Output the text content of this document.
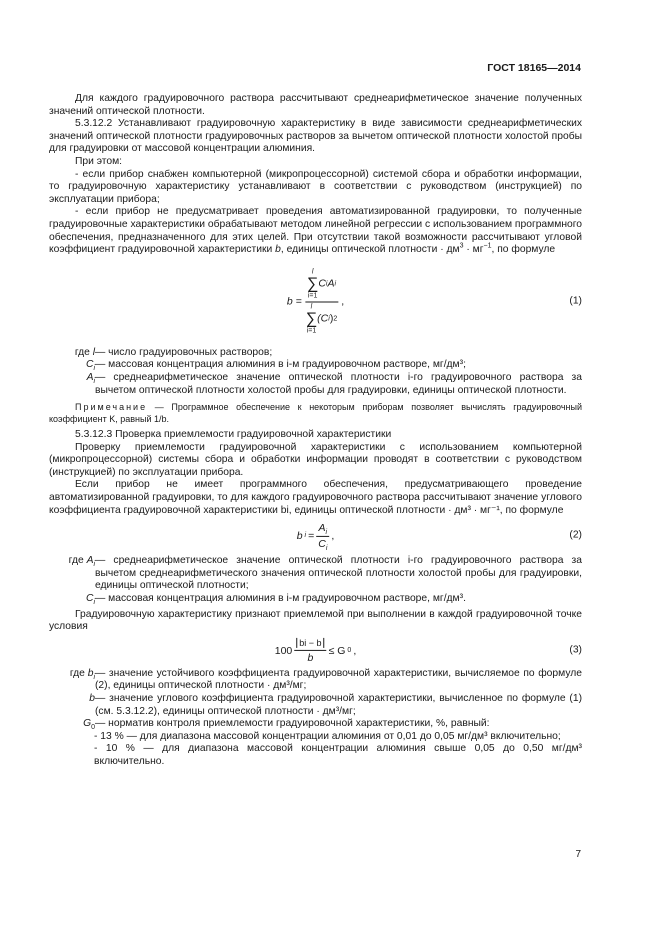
ГОСТ 18165—2014

Для каждого градуировочного раствора рассчитывают среднеарифметическое значение полученных значений оптической плотности.

5.3.12.2 Устанавливают градуировочную характеристику в виде зависимости среднеарифметических значений оптической плотности градуировочных растворов за вычетом оптической плотности холостой пробы для градуировки от массовой концентрации алюминия.

При этом:

- если прибор снабжен компьютерной (микропроцессорной) системой сбора и обработки информации, то градуировочную характеристику устанавливают в соответствии с руководством (инструкцией) по эксплуатации прибора;

- если прибор не предусматривает проведения автоматизированной градуировки, то полученные градуировочные характеристики обрабатывают методом линейной регрессии с использованием программного обеспечения, предназначенного для этих целей. При отсутствии такой возможности рассчитывают угловой коэффициент градуировочной характеристики b, единицы оптической плотности · $дм^3 \cdot мг^{-1}$, по формуле

b = l
∑
i=1
C i A i
l
∑
i=1
(C i ) 2 ,	(1)
где l — число градуировочных растворов;
$C_i$ — массовая концентрация алюминия в i-м градуировочном растворе, мг/дм³;
$A_i$ — среднеарифметическое значение оптической плотности i-го градуировочного раствора за вычетом оптической плотности холостой пробы для градуировки, единицы оптической плотности.

Примечание — Программное обеспечение к некоторым приборам позволяет вычислять градуировочный коэффициент K, равный 1/b.

5.3.12.3 Проверка приемлемости градуировочной характеристики

Проверку приемлемости градуировочной характеристики с использованием компьютерной (микропроцессорной) системы сбора и обработки информации проводят в соответствии с руководством (инструкцией) по эксплуатации прибора.

Если прибор не имеет программного обеспечения, предусматривающего проведение автоматизированной градуировки, то для каждого градуировочного раствора рассчитывают значение углового коэффициента градуировочной характеристики bi, единицы оптической плотности · дм³ · мг⁻¹, по формуле

b $i = \frac{A_i}{C_i}$ ,	(2)
где $A_i$ — среднеарифметическое значение оптической плотности i-го градуировочного раствора за вычетом среднеарифметического значения оптической плотности холостой пробы для градуировки, единицы оптической плотности;
$C_i$ — массовая концентрация алюминия в i-м градуировочном растворе, мг/дм³.

Градуировочную характеристику признают приемлемой при выполнении в каждой градуировочной точке условия

$100 \frac{bi - b}{b} \le G$ 0 ,	(3)
где $b_i$ — значение устойчивого коэффициента градуировочной характеристики, вычисляемое по формуле (2), единицы оптической плотности · дм³/мг;
b — значение углового коэффициента градуировочной характеристики, вычисленное по формуле (1) (см. 5.3.12.2), единицы оптической плотности · дм³/мг;
$G_0$ — норматив контроля приемлемости градуировочной характеристики, %, равный:

- 13 % — для диапазона массовой концентрации алюминия от 0,01 до 0,05 мг/дм³ включительно;

- 10 % — для диапазона массовой концентрации алюминия свыше 0,05 до 0,50 мг/дм³ включительно.

7
